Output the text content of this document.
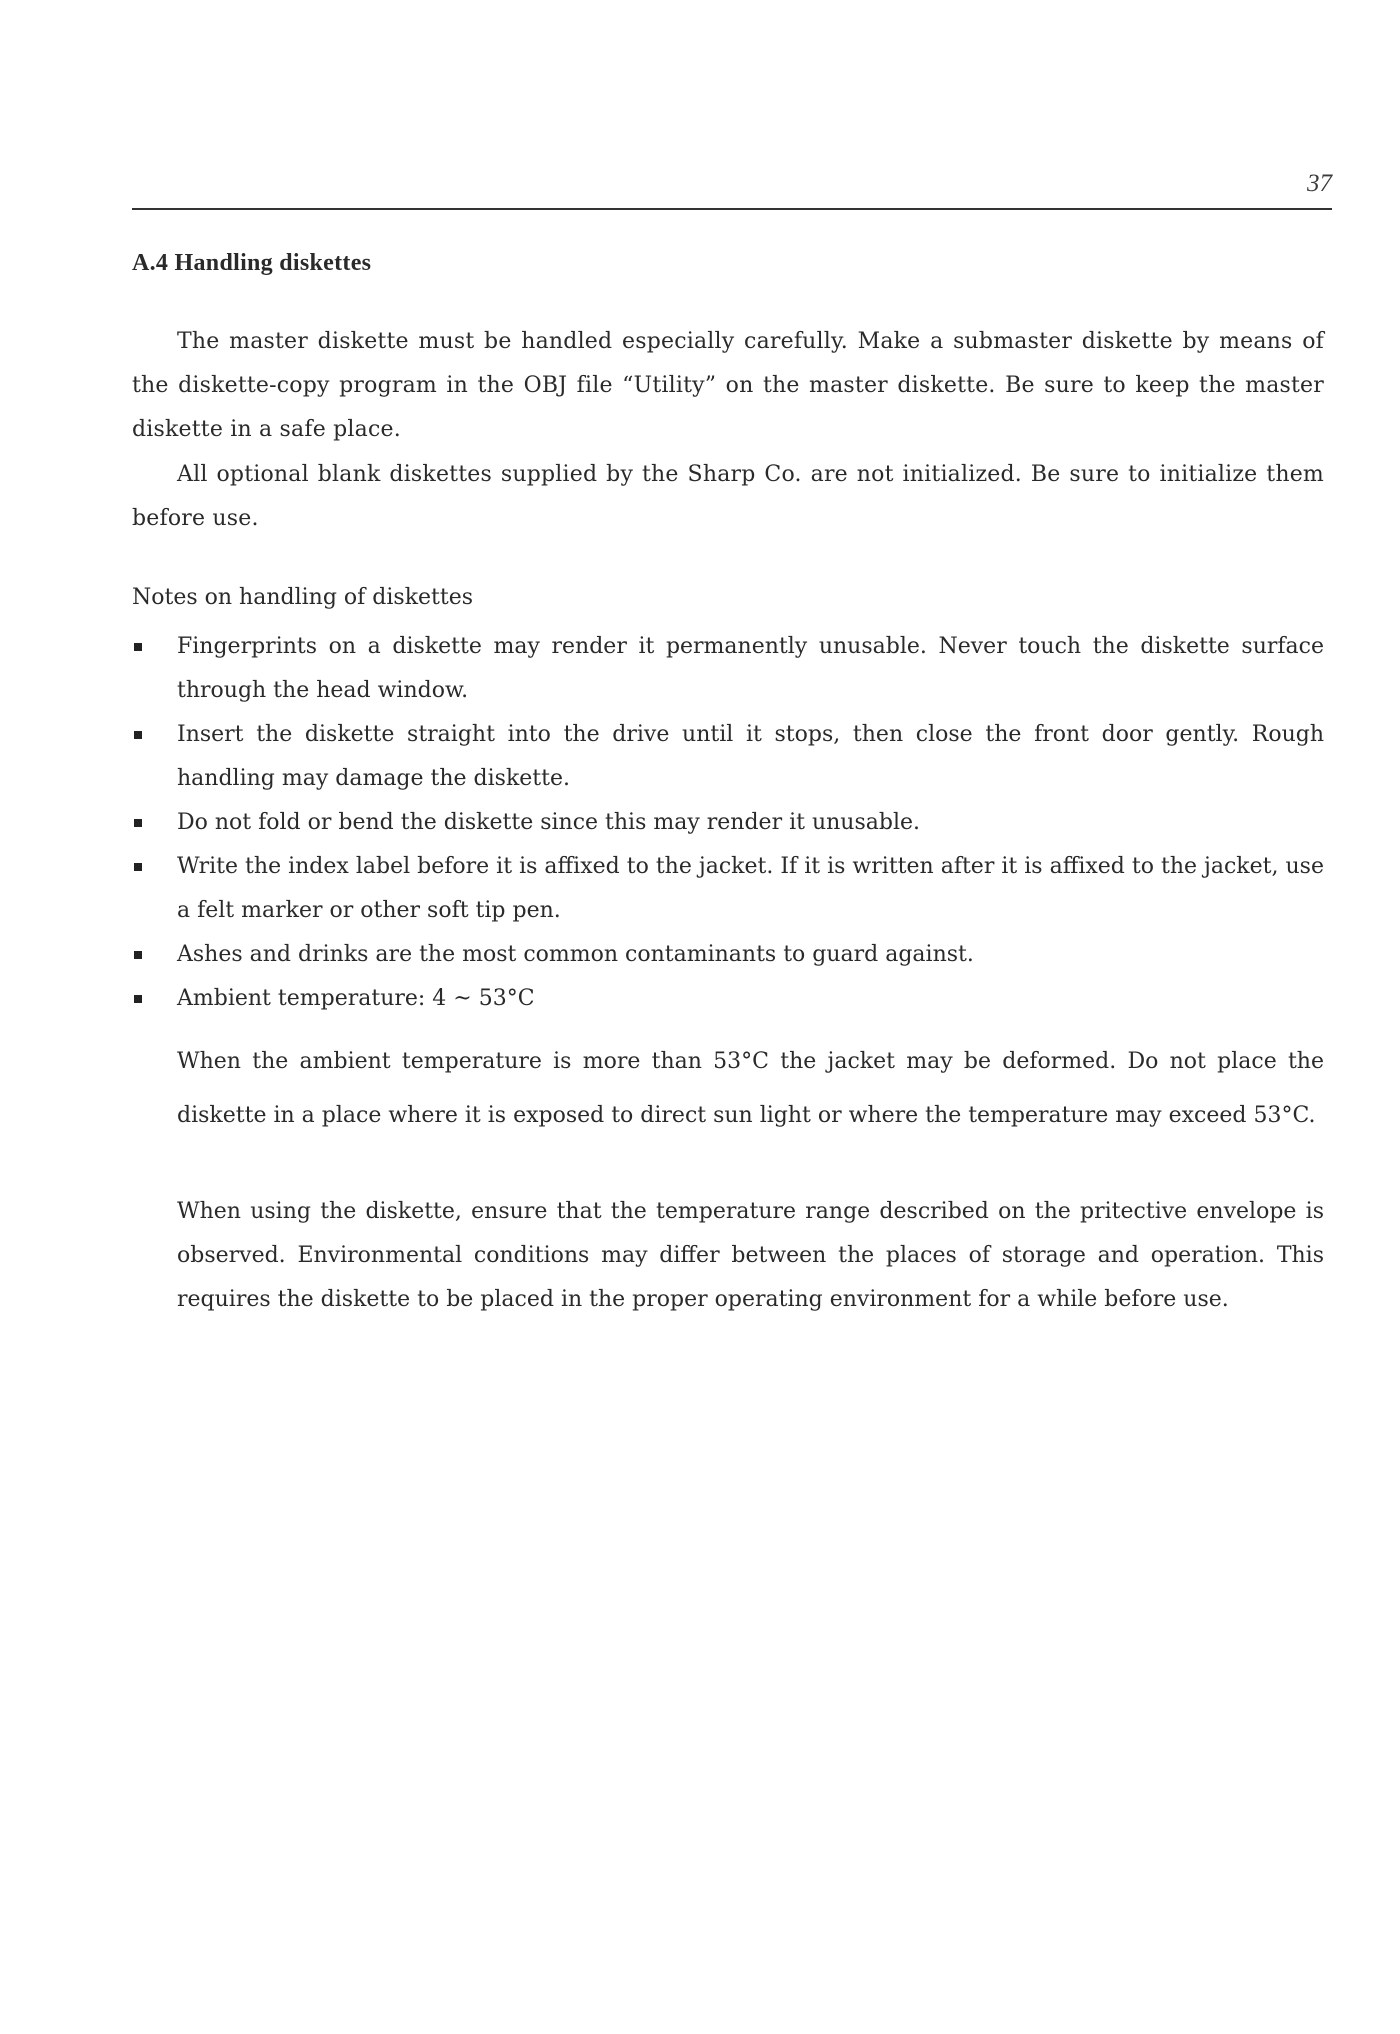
37
A.4 Handling diskettes

The master diskette must be handled especially carefully. Make a submaster diskette by means of the diskette-copy program in the OBJ file “Utility” on the master diskette. Be sure to keep the master diskette in a safe place.

All optional blank diskettes supplied by the Sharp Co. are not initialized. Be sure to initialize them before use.

Notes on handling of diskettes
Fingerprints on a diskette may render it permanently unusable. Never touch the diskette surface through the head window.
Insert the diskette straight into the drive until it stops, then close the front door gently. Rough handling may damage the diskette.
Do not fold or bend the diskette since this may render it unusable.
Write the index label before it is affixed to the jacket. If it is written after it is affixed to the jacket, use a felt marker or other soft tip pen.
Ashes and drinks are the most common contaminants to guard against.
Ambient temperature: 4 ~ 53°C

When the ambient temperature is more than 53°C the jacket may be deformed. Do not place the diskette in a place where it is exposed to direct sun light or where the temperature may exceed 53°C.

When using the diskette, ensure that the temperature range described on the pritective envelope is observed. Environmental conditions may differ between the places of storage and operation. This requires the diskette to be placed in the proper operating environment for a while before use.
